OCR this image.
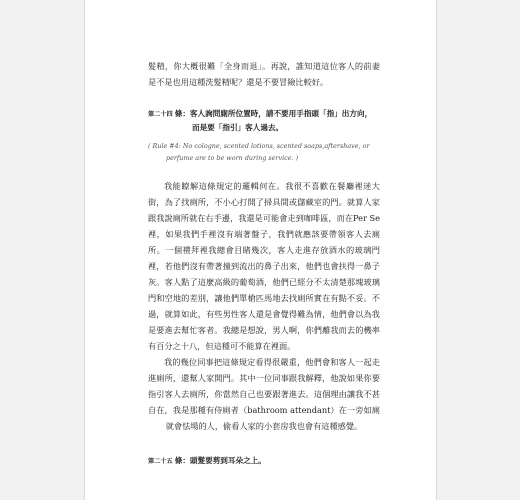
髮精，你大概很難「全身而退」。再說，誰知道這位客人的前妻是不是也用這種洗髮精呢？還是不要冒險比較好。

第二十四 條：客人詢問廁所位置時，請不要用手指頭「指」出方向，
而是要「指引」客人過去。
( Rule #4: No cologne, scented lotions, scented soaps,aftershave, or
perfume are to be worn during service. )

我能瞭解這條規定的邏輯何在。我很不喜歡在餐廳裡迷大街，為了找廁所，不小心打開了掃具間或儲藏室的門。就算人家跟我說廁所就在右手邊，我還是可能會走到咖啡區，而在Per Se裡，如果我們手裡沒有端著盤子，我們就應該要帶領客人去廁所。一個禮拜裡我總會目睹幾次，客人走進存放酒水的玻璃門裡，若他們沒有帶著撞到流出的鼻子出來，他們也會扶得一鼻子灰。客人點了這麼高級的葡萄酒，他們已經分不太清楚那塊玻璃門和空地的差別，讓他們單槍匹馬地去找廁所實在有點不妥。不過，就算如此，有些男性客人還是會覺得難為情，他們會以為我是要進去幫忙客者。我總是想說，男人啊，你們離我而去的機率有百分之十八，但這種可不能算在裡面。

我的幾位同事把這條規定看得很嚴重，他們會和客人一起走進廁所，還幫人家開門。其中一位同事跟我解釋，他說如果你要指引客人去廁所，你當然自己也要跟著進去。這個理由讓我不甚自在，我是那種有侍廁者（bathroom attendant）在一旁如廁就會怯場的人，偷看人家的小套房我也會有這種感覺。

第二十五 條：頭髮要剪到耳朵之上。
